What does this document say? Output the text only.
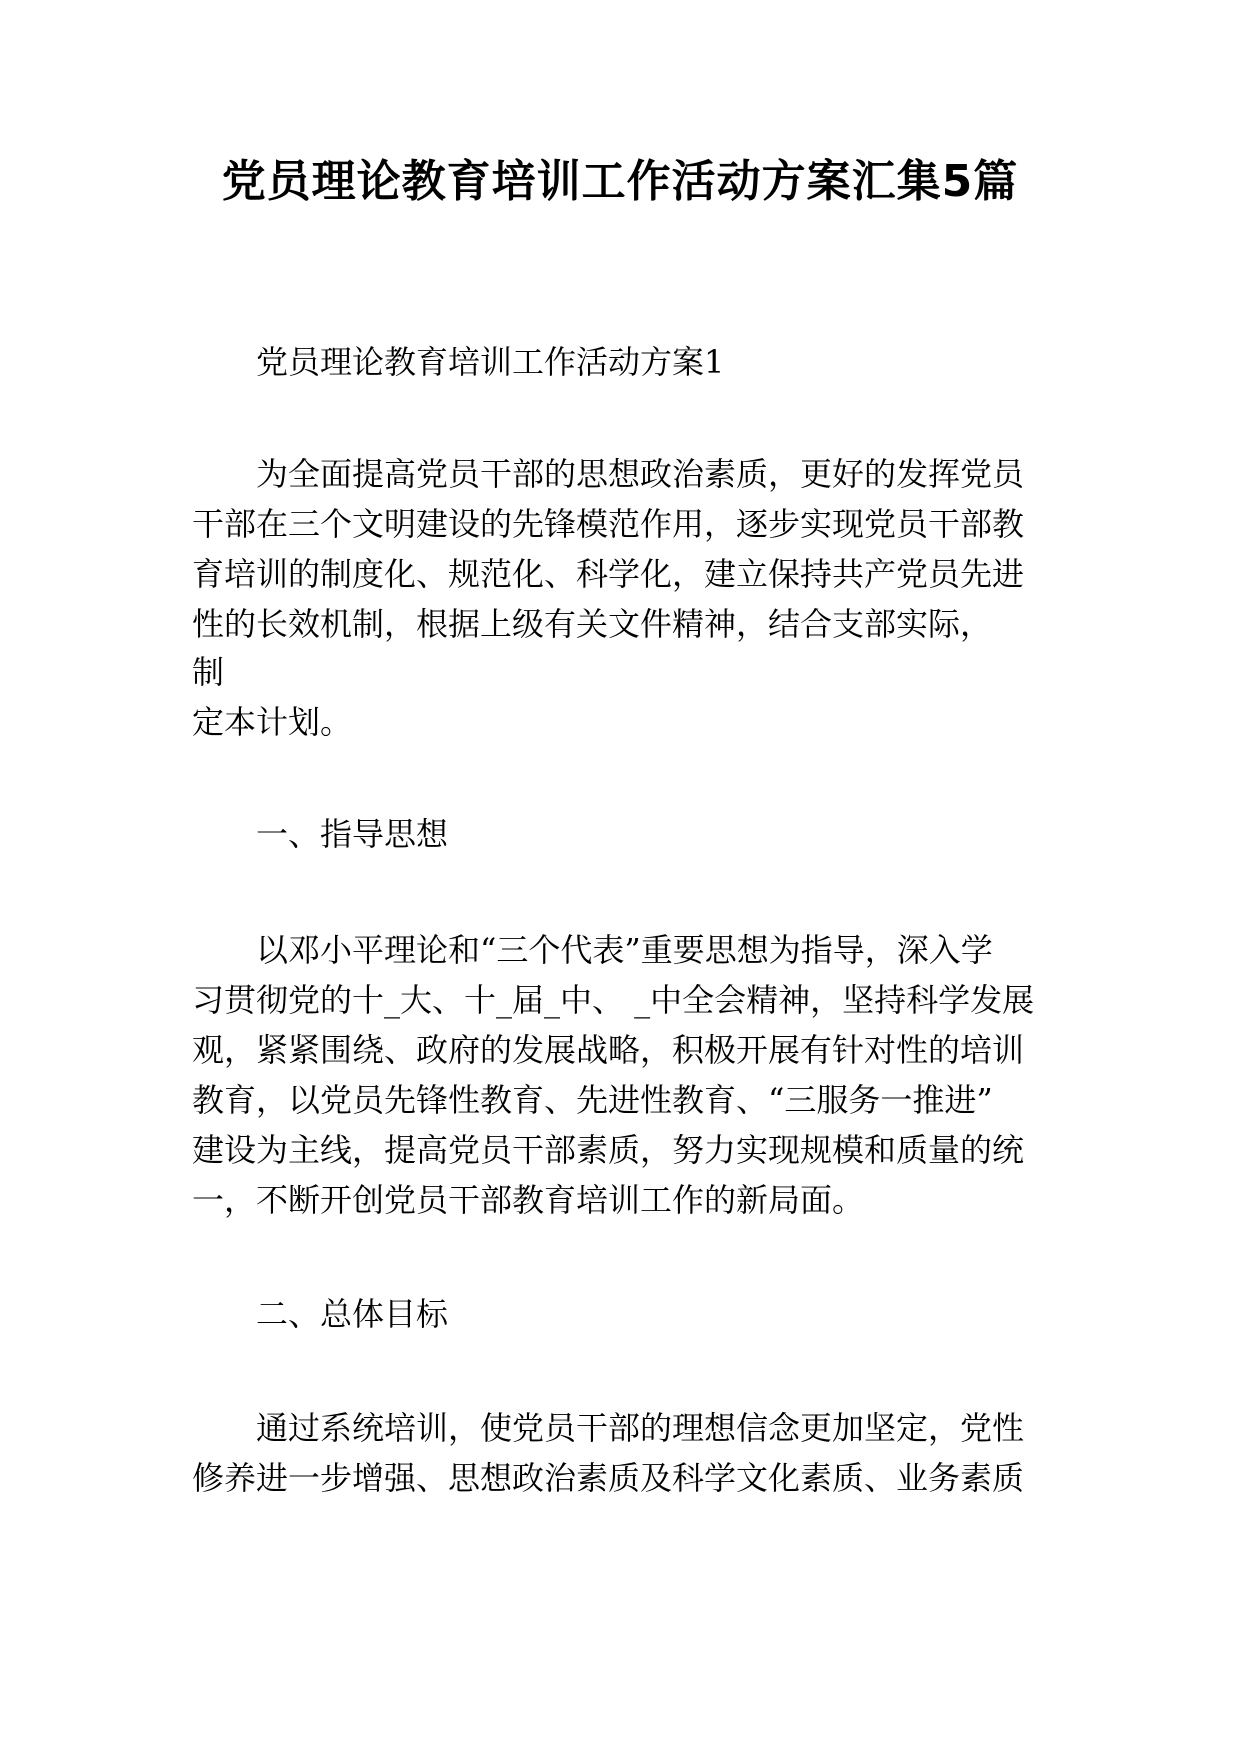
党员理论教育培训工作活动方案汇集5篇

党员理论教育培训工作活动方案1

为全面提高党员干部的思想政治素质，更好的发挥党员

干部在三个文明建设的先锋模范作用，逐步实现党员干部教

育培训的制度化、规范化、科学化，建立保持共产党员先进

性的长效机制，根据上级有关文件精神，结合支部实际，

制

定本计划。

一、指导思想

以邓小平理论和“三个代表”重要思想为指导，深入学

习贯彻党的十_大、十_届_中、 _中全会精神，坚持科学发展

观，紧紧围绕、政府的发展战略，积极开展有针对性的培训

教育，以党员先锋性教育、先进性教育、“三服务一推进”

建设为主线，提高党员干部素质，努力实现规模和质量的统

一，不断开创党员干部教育培训工作的新局面。

二、总体目标

通过系统培训，使党员干部的理想信念更加坚定，党性

修养进一步增强、思想政治素质及科学文化素质、业务素质
